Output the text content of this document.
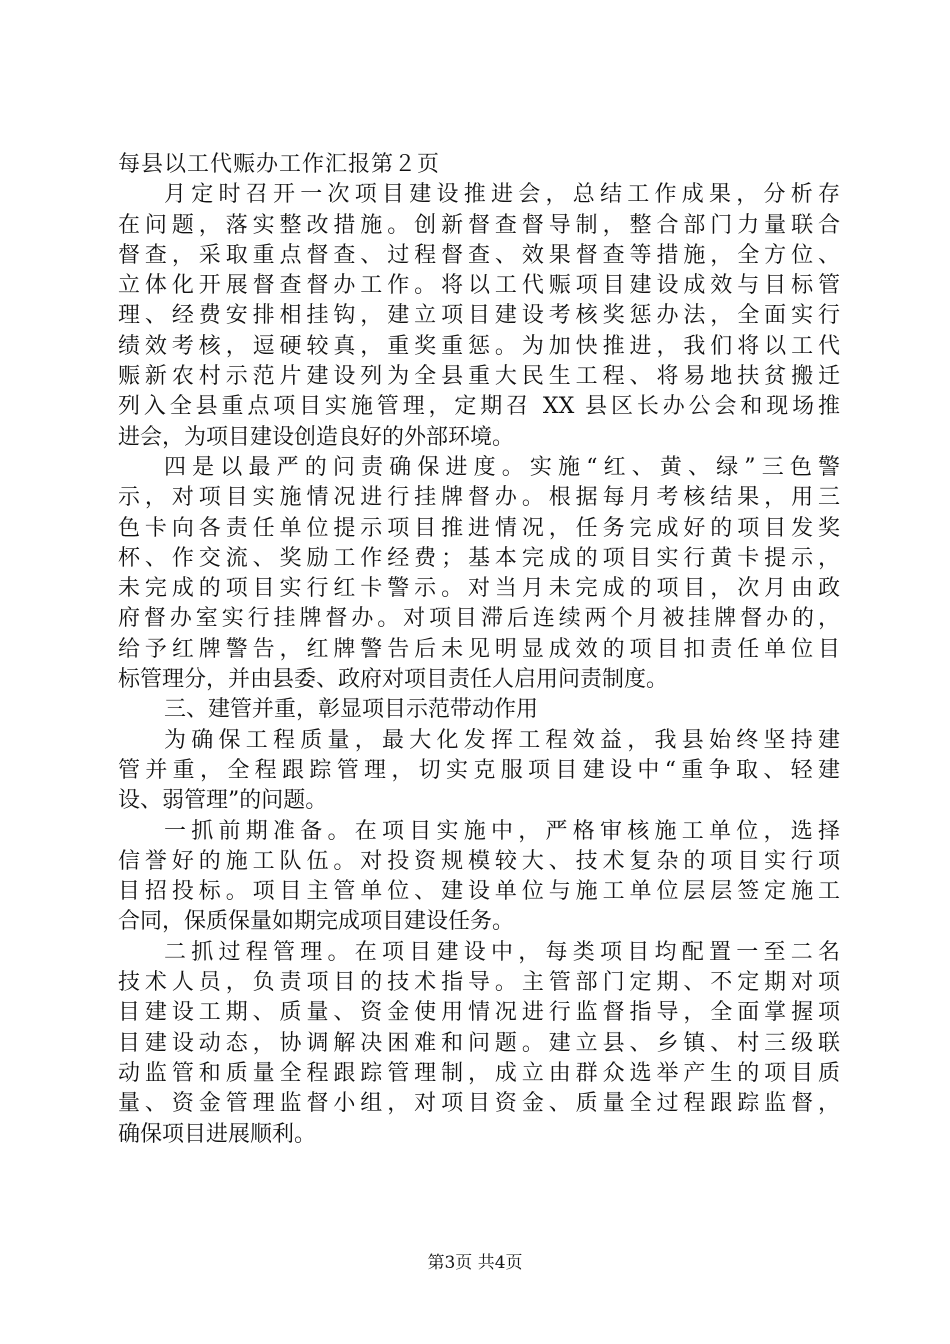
每县以工代赈办工作汇报第２页
月定时召开一次项目建设推进会，总结工作成果，分析存
在问题，落实整改措施。创新督查督导制，整合部门力量联合
督查，采取重点督查、过程督查、效果督查等措施，全方位、
立体化开展督查督办工作。将以工代赈项目建设成效与目标管
理、经费安排相挂钩，建立项目建设考核奖惩办法，全面实行
绩效考核，逗硬较真，重奖重惩。为加快推进，我们将以工代
赈新农村示范片建设列为全县重大民生工程、将易地扶贫搬迁
列入全县重点项目实施管理，定期召 XX 县区长办公会和现场推
进会，为项目建设创造良好的外部环境。
四是以最严的问责确保进度。实施“红、黄、绿”三色警
示，对项目实施情况进行挂牌督办。根据每月考核结果，用三
色卡向各责任单位提示项目推进情况，任务完成好的项目发奖
杯、作交流、奖励工作经费；基本完成的项目实行黄卡提示，
未完成的项目实行红卡警示。对当月未完成的项目，次月由政
府督办室实行挂牌督办。对项目滞后连续两个月被挂牌督办的，
给予红牌警告，红牌警告后未见明显成效的项目扣责任单位目
标管理分，并由县委、政府对项目责任人启用问责制度。
三、建管并重，彰显项目示范带动作用
为确保工程质量，最大化发挥工程效益，我县始终坚持建
管并重，全程跟踪管理，切实克服项目建设中“重争取、轻建
设、弱管理”的问题。
一抓前期准备。在项目实施中，严格审核施工单位，选择
信誉好的施工队伍。对投资规模较大、技术复杂的项目实行项
目招投标。项目主管单位、建设单位与施工单位层层签定施工
合同，保质保量如期完成项目建设任务。
二抓过程管理。在项目建设中，每类项目均配置一至二名
技术人员，负责项目的技术指导。主管部门定期、不定期对项
目建设工期、质量、资金使用情况进行监督指导，全面掌握项
目建设动态，协调解决困难和问题。建立县、乡镇、村三级联
动监管和质量全程跟踪管理制，成立由群众选举产生的项目质
量、资金管理监督小组，对项目资金、质量全过程跟踪监督，
确保项目进展顺利。
第3页 共4页
